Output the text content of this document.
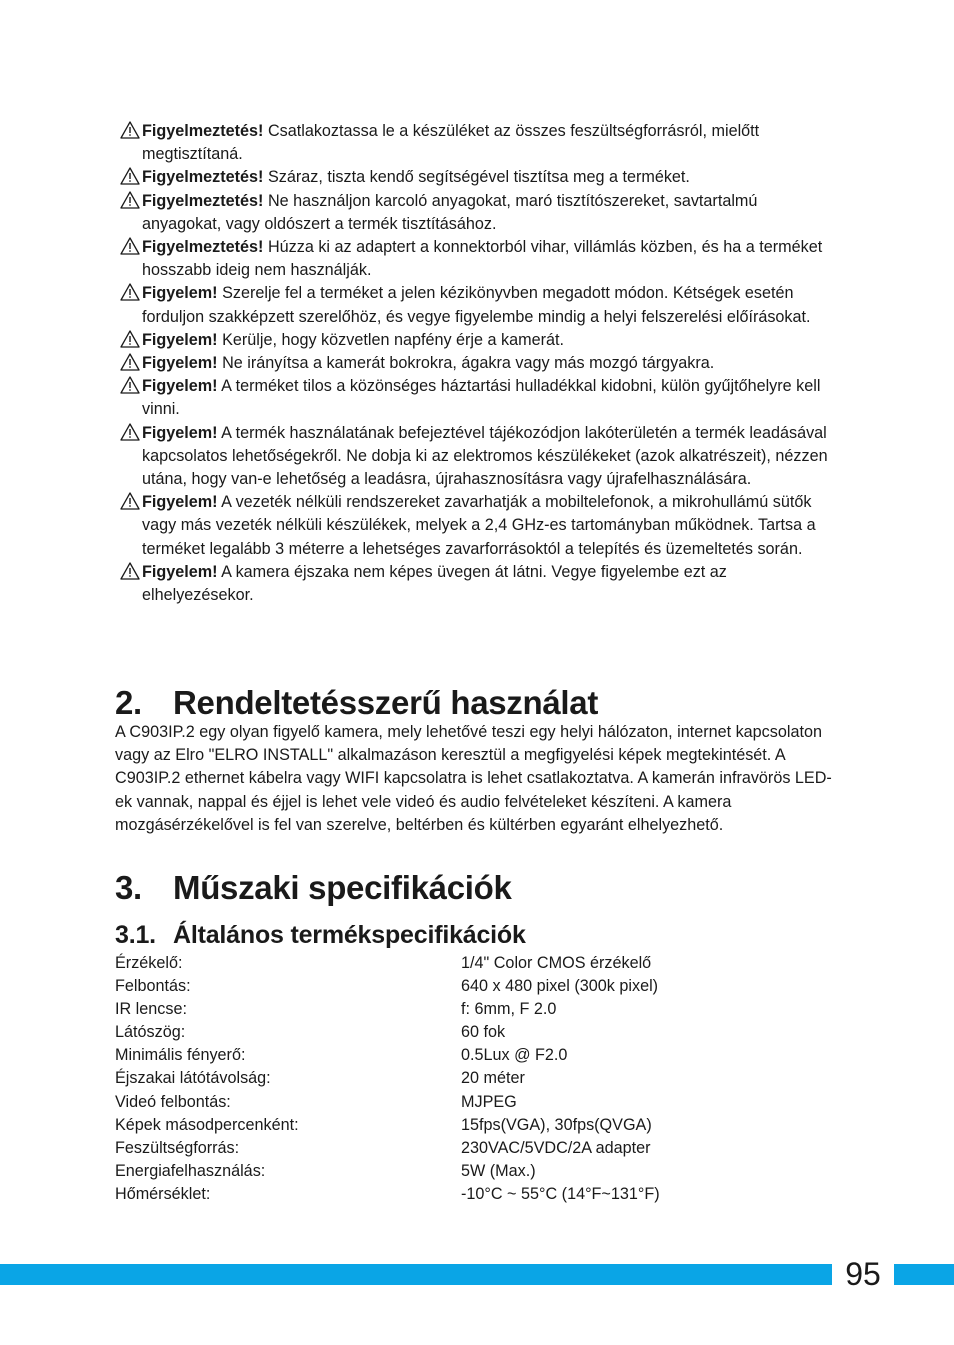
Figyelmeztetés! Csatlakoztassa le a készüléket az összes feszültségforrásról, mielőtt megtisztítaná.
Figyelmeztetés! Száraz, tiszta kendő segítségével tisztítsa meg a terméket.
Figyelmeztetés! Ne használjon karcoló anyagokat, maró tisztítószereket, savtartalmú anyagokat, vagy oldószert a termék tisztításához.
Figyelmeztetés! Húzza ki az adaptert a konnektorból vihar, villámlás közben, és ha a terméket hosszabb ideig nem használják.
Figyelem! Szerelje fel a terméket a jelen kézikönyvben megadott módon. Kétségek esetén forduljon szakképzett szerelőhöz, és vegye figyelembe mindig a helyi felszerelési előírásokat.
Figyelem! Kerülje, hogy közvetlen napfény érje a kamerát.
Figyelem! Ne irányítsa a kamerát bokrokra, ágakra vagy más mozgó tárgyakra.
Figyelem! A terméket tilos a közönséges háztartási hulladékkal kidobni, külön gyűjtőhelyre kell vinni.
Figyelem! A termék használatának befejeztével tájékozódjon lakóterületén a termék leadásával kapcsolatos lehetőségekről. Ne dobja ki az elektromos készülékeket (azok alkatrészeit), nézzen utána, hogy van-e lehetőség a leadásra, újrahasznosításra vagy újrafelhasználására.
Figyelem! A vezeték nélküli rendszereket zavarhatják a mobiltelefonok, a mikrohullámú sütők vagy más vezeték nélküli készülékek, melyek a 2,4 GHz-es tartományban működnek. Tartsa a terméket legalább 3 méterre a lehetséges zavarforrásoktól a telepítés és üzemeltetés során.
Figyelem! A kamera éjszaka nem képes üvegen át látni. Vegye figyelembe ezt az elhelyezésekor.
2. Rendeltetésszerű használat
A C903IP.2 egy olyan figyelő kamera, mely lehetővé teszi egy helyi hálózaton, internet kapcsolaton vagy az Elro "ELRO INSTALL" alkalmazáson keresztül a megfigyelési képek megtekintését. A C903IP.2 ethernet kábelra vagy WIFI kapcsolatra is lehet csatlakoztatva. A kamerán infravörös LED-ek vannak, nappal és éjjel is lehet vele videó és audio felvételeket készíteni. A kamera mozgásérzékelővel is fel van szerelve, beltérben és kültérben egyaránt elhelyezhető.
3. Műszaki specifikációk
3.1. Általános termékspecifikációk
Érzékelő:	1/4" Color CMOS érzékelő
Felbontás:	640 x 480 pixel (300k pixel)
IR lencse:	f: 6mm, F 2.0
Látószög:	60 fok
Minimális fényerő:	0.5Lux @ F2.0
Éjszakai látótávolság:	20 méter
Videó felbontás:	MJPEG
Képek másodpercenként:	15fps(VGA), 30fps(QVGA)
Feszültségforrás:	230VAC/5VDC/2A adapter
Energiafelhasználás:	5W (Max.)
Hőmérséklet:	-10°C ~ 55°C (14°F~131°F)
95
